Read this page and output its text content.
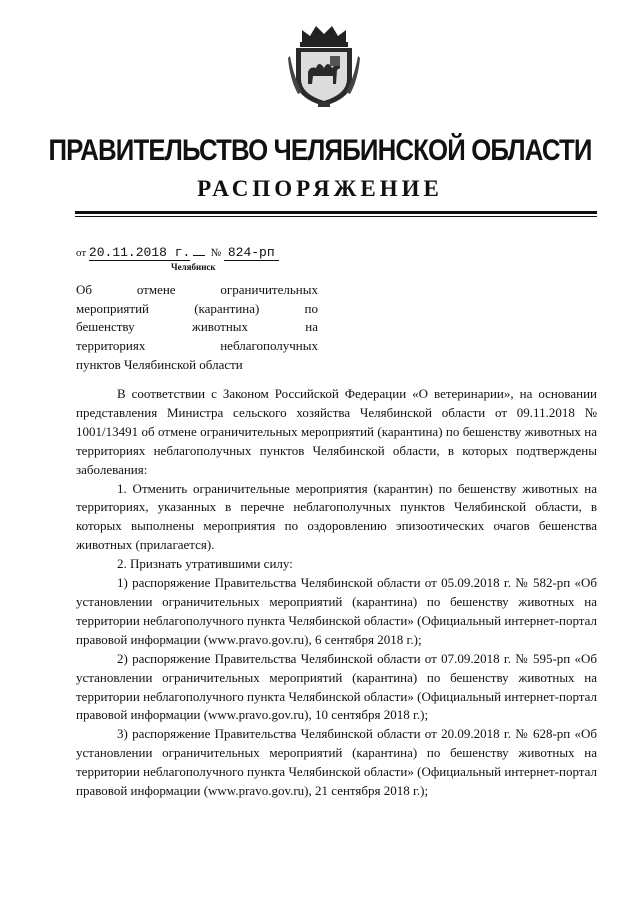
ПРАВИТЕЛЬСТВО ЧЕЛЯБИНСКОЙ ОБЛАСТИ
РАСПОРЯЖЕНИЕ
от 20.11.2018 г. № 824-рп
Челябинск
Об отмене ограничительных
мероприятий (карантина) по
бешенству животных на
территориях неблагополучных
пунктов Челябинской области

В соответствии с Законом Российской Федерации «О ветеринарии», на основании представления Министра сельского хозяйства Челябинской области от 09.11.2018 № 1001/13491 об отмене ограничительных мероприятий (карантина) по бешенству животных на территориях неблагополучных пунктов Челябинской области, в которых подтверждены заболевания:

1. Отменить ограничительные мероприятия (карантин) по бешенству животных на территориях, указанных в перечне неблагополучных пунктов Челябинской области, в которых выполнены мероприятия по оздоровлению эпизоотических очагов бешенства животных (прилагается).

2. Признать утратившими силу:

1) распоряжение Правительства Челябинской области от 05.09.2018 г. № 582-рп «Об установлении ограничительных мероприятий (карантина) по бешенству животных на территории неблагополучного пункта Челябинской области» (Официальный интернет-портал правовой информации (www.pravo.gov.ru), 6 сентября 2018 г.);

2) распоряжение Правительства Челябинской области от 07.09.2018 г. № 595-рп «Об установлении ограничительных мероприятий (карантина) по бешенству животных на территории неблагополучного пункта Челябинской области» (Официальный интернет-портал правовой информации (www.pravo.gov.ru), 10 сентября 2018 г.);

3) распоряжение Правительства Челябинской области от 20.09.2018 г. № 628-рп «Об установлении ограничительных мероприятий (карантина) по бешенству животных на территории неблагополучного пункта Челябинской области» (Официальный интернет-портал правовой информации (www.pravo.gov.ru), 21 сентября 2018 г.);
